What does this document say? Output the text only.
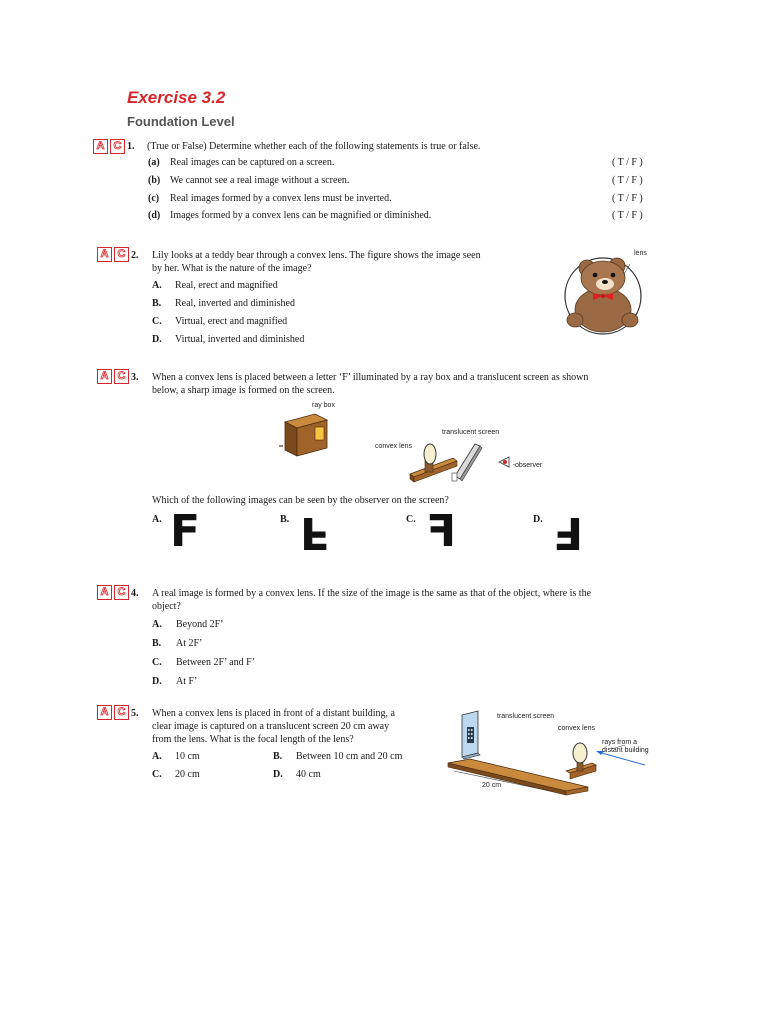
Exercise 3.2
Foundation Level
A C 1. (True or False) Determine whether each of the following statements is true or false.
(a) Real images can be captured on a screen.	( T / F )
(b) We cannot see a real image without a screen.	( T / F )
(c) Real images formed by a convex lens must be inverted.	( T / F )
(d) Images formed by a convex lens can be magnified or diminished.	( T / F )
A C 2. Lily looks at a teddy bear through a convex lens. The figure shows the image seen
by her. What is the nature of the image?
A. Real, erect and magnified
B. Real, inverted and diminished
C. Virtual, erect and magnified
D. Virtual, inverted and diminished
lens
A C 3. When a convex lens is placed between a letter ‘F’ illuminated by a ray box and a translucent screen as shown
below, a sharp image is formed on the screen.
ray box
translucent screen
convex lens
observer
Which of the following images can be seen by the observer on the screen?
A. F	B. F	C. F	D. F
A C 4. A real image is formed by a convex lens. If the size of the image is the same as that of the object, where is the
object?
A. Beyond 2F’
B. At 2F’
C. Between 2F’ and F’
D. At F’
A C 5. When a convex lens is placed in front of a distant building, a
clear image is captured on a translucent screen 20 cm away
from the lens. What is the focal length of the lens?
A. 10 cm	B. Between 10 cm and 20 cm
C. 20 cm	D. 40 cm
translucent screen
convex lens
rays from a
distant building
20 cm
